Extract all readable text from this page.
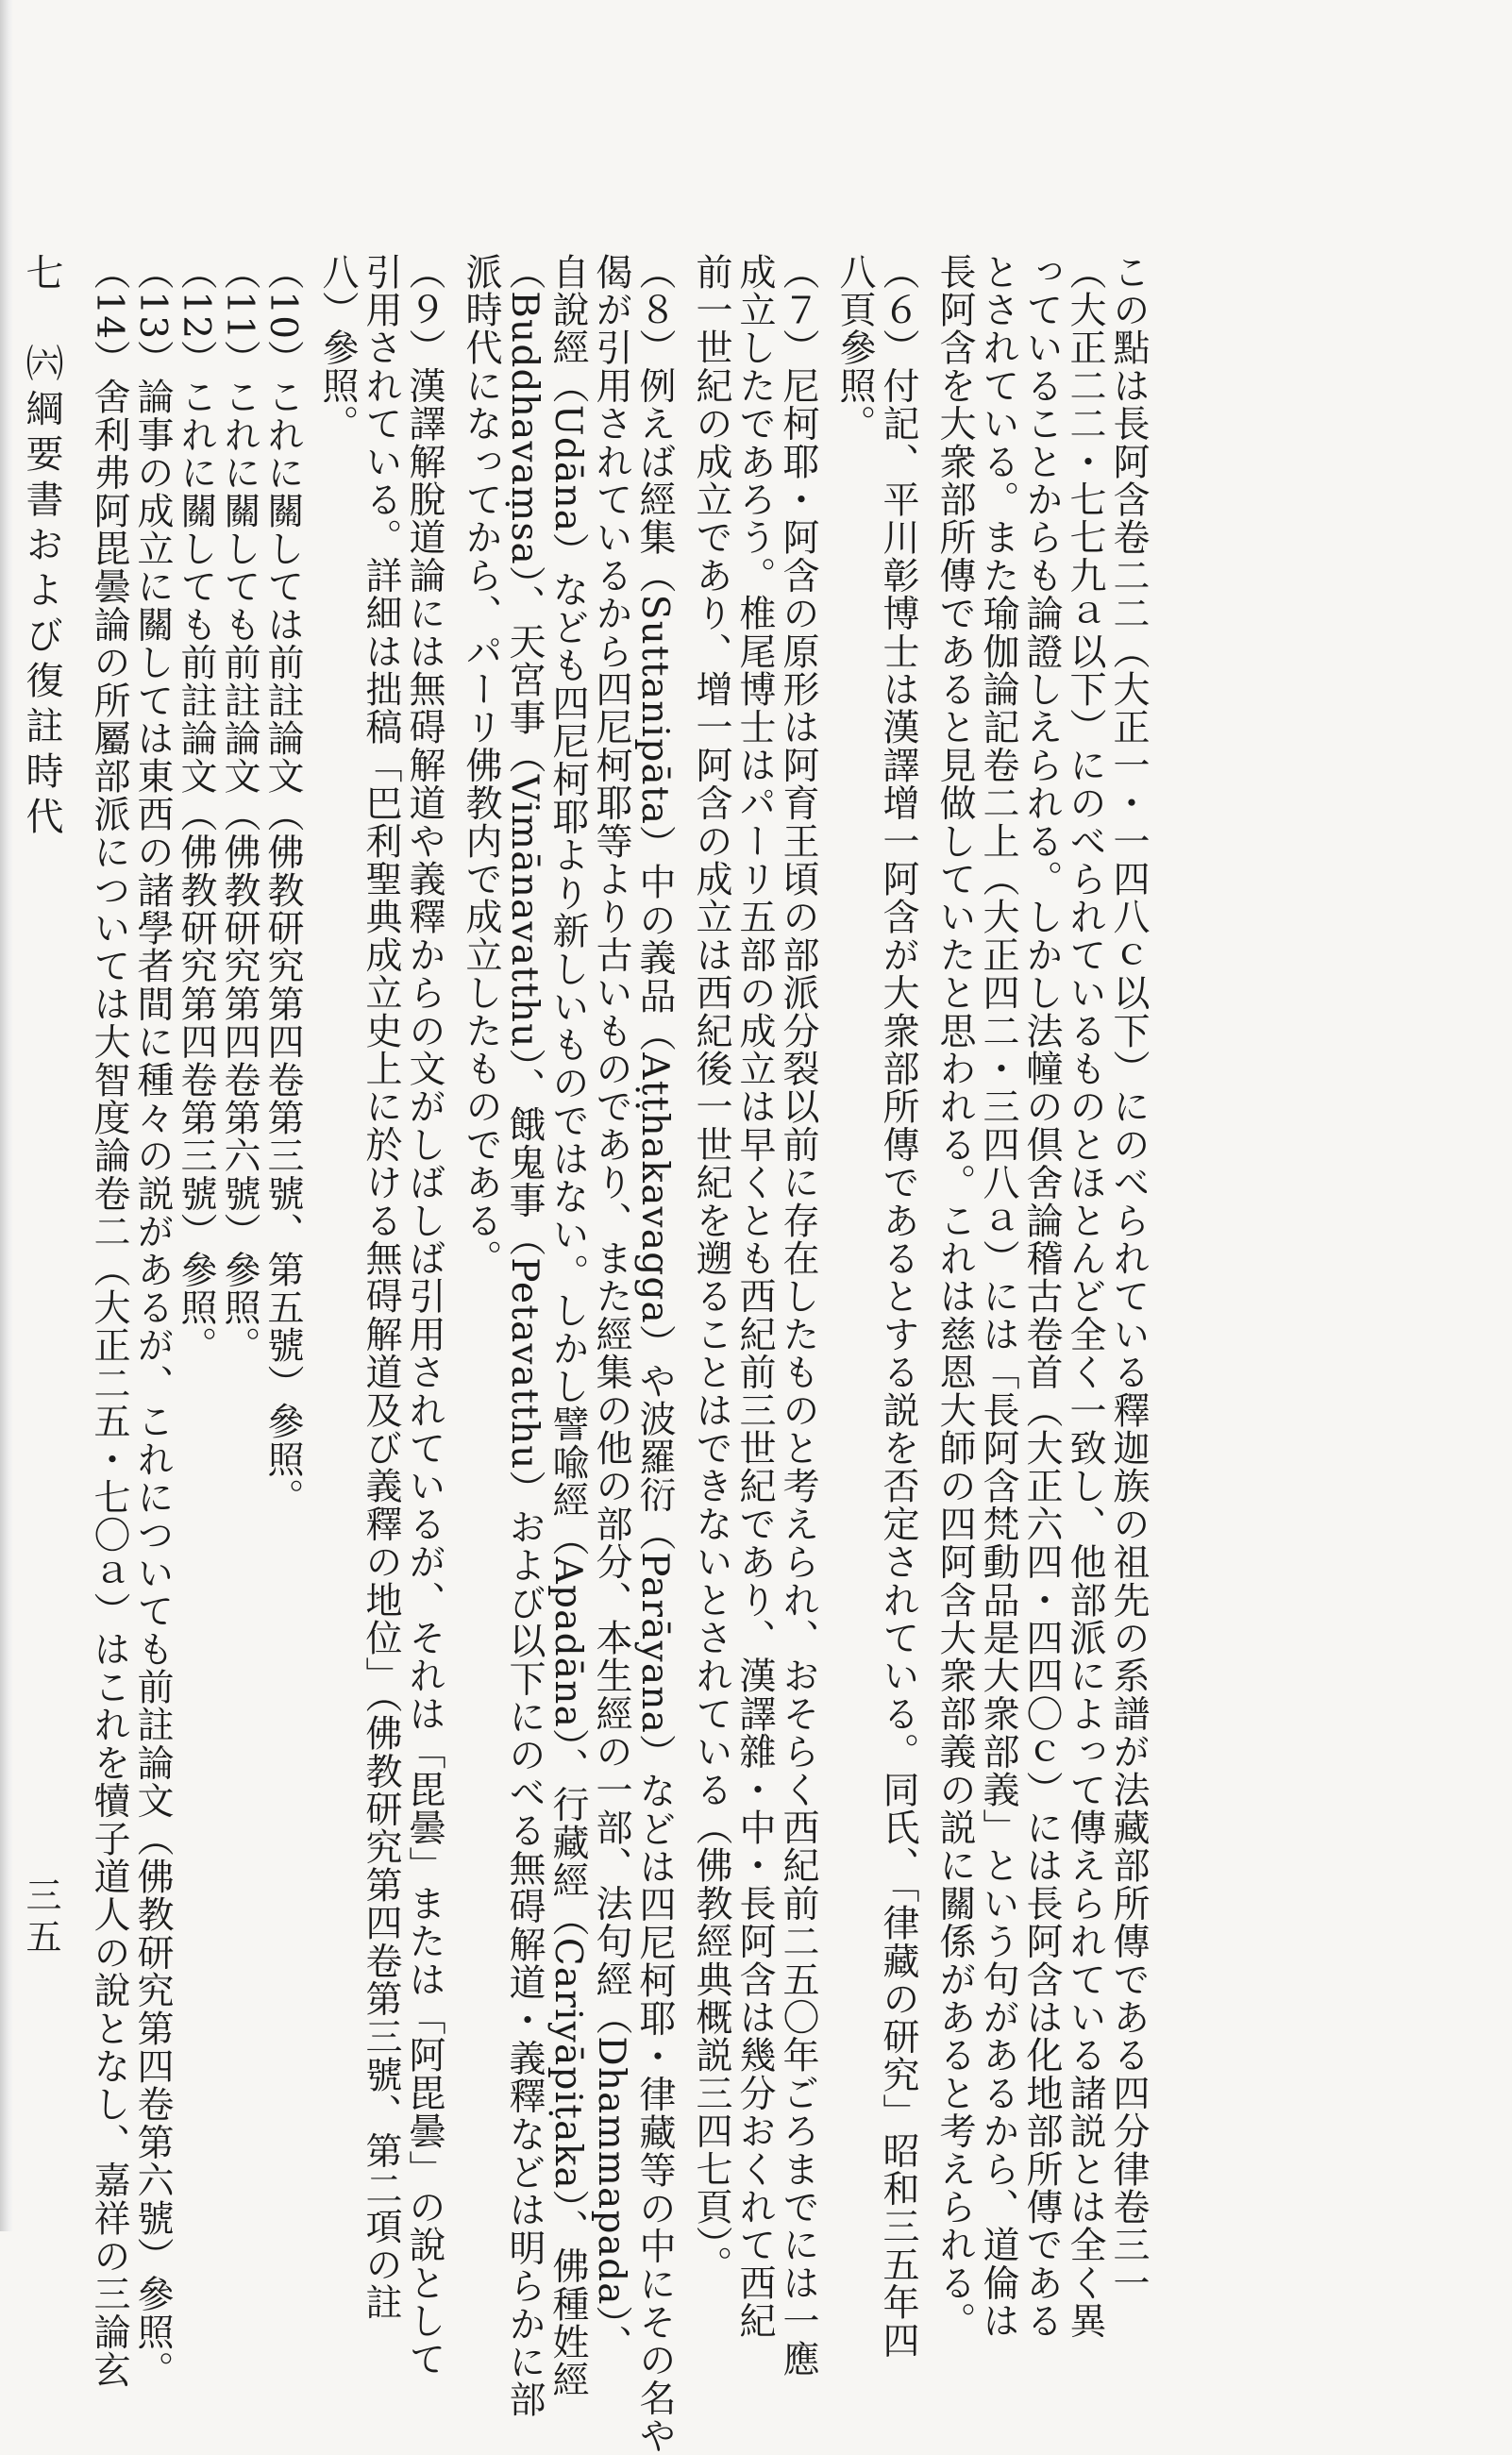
この點は長阿含卷二二（大正一・一四八ｃ以下）にのべられている釋迦族の祖先の系譜が法藏部所傳である四分律卷三一
（大正二二・七七九ａ以下）にのべられているものとほとんど全く一致し、他部派によって傳えられている諸説とは全く異
っていることからも論證しえられる。しかし法幢の倶舍論稽古卷首（大正六四・四四〇ｃ）には長阿含は化地部所傳である
とされている。また瑜伽論記卷二上（大正四二・三四八ａ）には「長阿含梵動品是大衆部義」という句があるから、道倫は
長阿含を大衆部所傳であると見做していたと思われる。これは慈恩大師の四阿含大衆部義の説に關係があると考えられる。
（６）付記、平川彰博士は漢譯增一阿含が大衆部所傳であるとする説を否定されている。同氏、「律藏の研究」昭和三五年四
八頁參照。
（７）尼柯耶・阿含の原形は阿育王頃の部派分裂以前に存在したものと考えられ、おそらく西紀前二五〇年ごろまでには一應
成立したであろう。椎尾博士はパーリ五部の成立は早くとも西紀前三世紀であり、漢譯雜・中・長阿含は幾分おくれて西紀
前一世紀の成立であり、增一阿含の成立は西紀後一世紀を遡ることはできないとされている（佛教經典概説三四七頁）。
（８）例えば經集（Suttanipāta）中の義品（Aṭṭhakavagga）や波羅衍（Parāyana）などは四尼柯耶・律藏等の中にその名や
偈が引用されているから四尼柯耶等より古いものであり、また經集の他の部分、本生經の一部、法句經（Dhammapada）、
自說經（Udāna）なども四尼柯耶より新しいものではない。しかし譬喩經（Apadāna）、行藏經（Cariyāpiṭaka）、佛種姓經
（Buddhavaṃsa）、天宮事（Vimānavatthu）、餓鬼事（Petavatthu）および以下にのべる無碍解道・義釋などは明らかに部
派時代になってから、パーリ佛教内で成立したものである。
（９）漢譯解脫道論には無碍解道や義釋からの文がしばしば引用されているが、それは「毘曇」または「阿毘曇」の說として
引用されている。詳細は拙稿「巴利聖典成立史上に於ける無碍解道及び義釋の地位」（佛教研究第四卷第三號、第二項の註
八）參照。
（10）これに關しては前註論文（佛教研究第四卷第三號、第五號）參照。
（11）これに關しても前註論文（佛教研究第四卷第六號）參照。
（12）これに關しても前註論文（佛教研究第四卷第三號）參照。
（13）論事の成立に關しては東西の諸學者間に種々の説があるが、これについても前註論文（佛教研究第四卷第六號）參照。
（14）舍利弗阿毘曇論の所屬部派については大智度論卷二（大正二五・七〇ａ）はこれを犢子道人の說となし、嘉祥の三論玄
七　㈥綱要書および復註時代
三五
